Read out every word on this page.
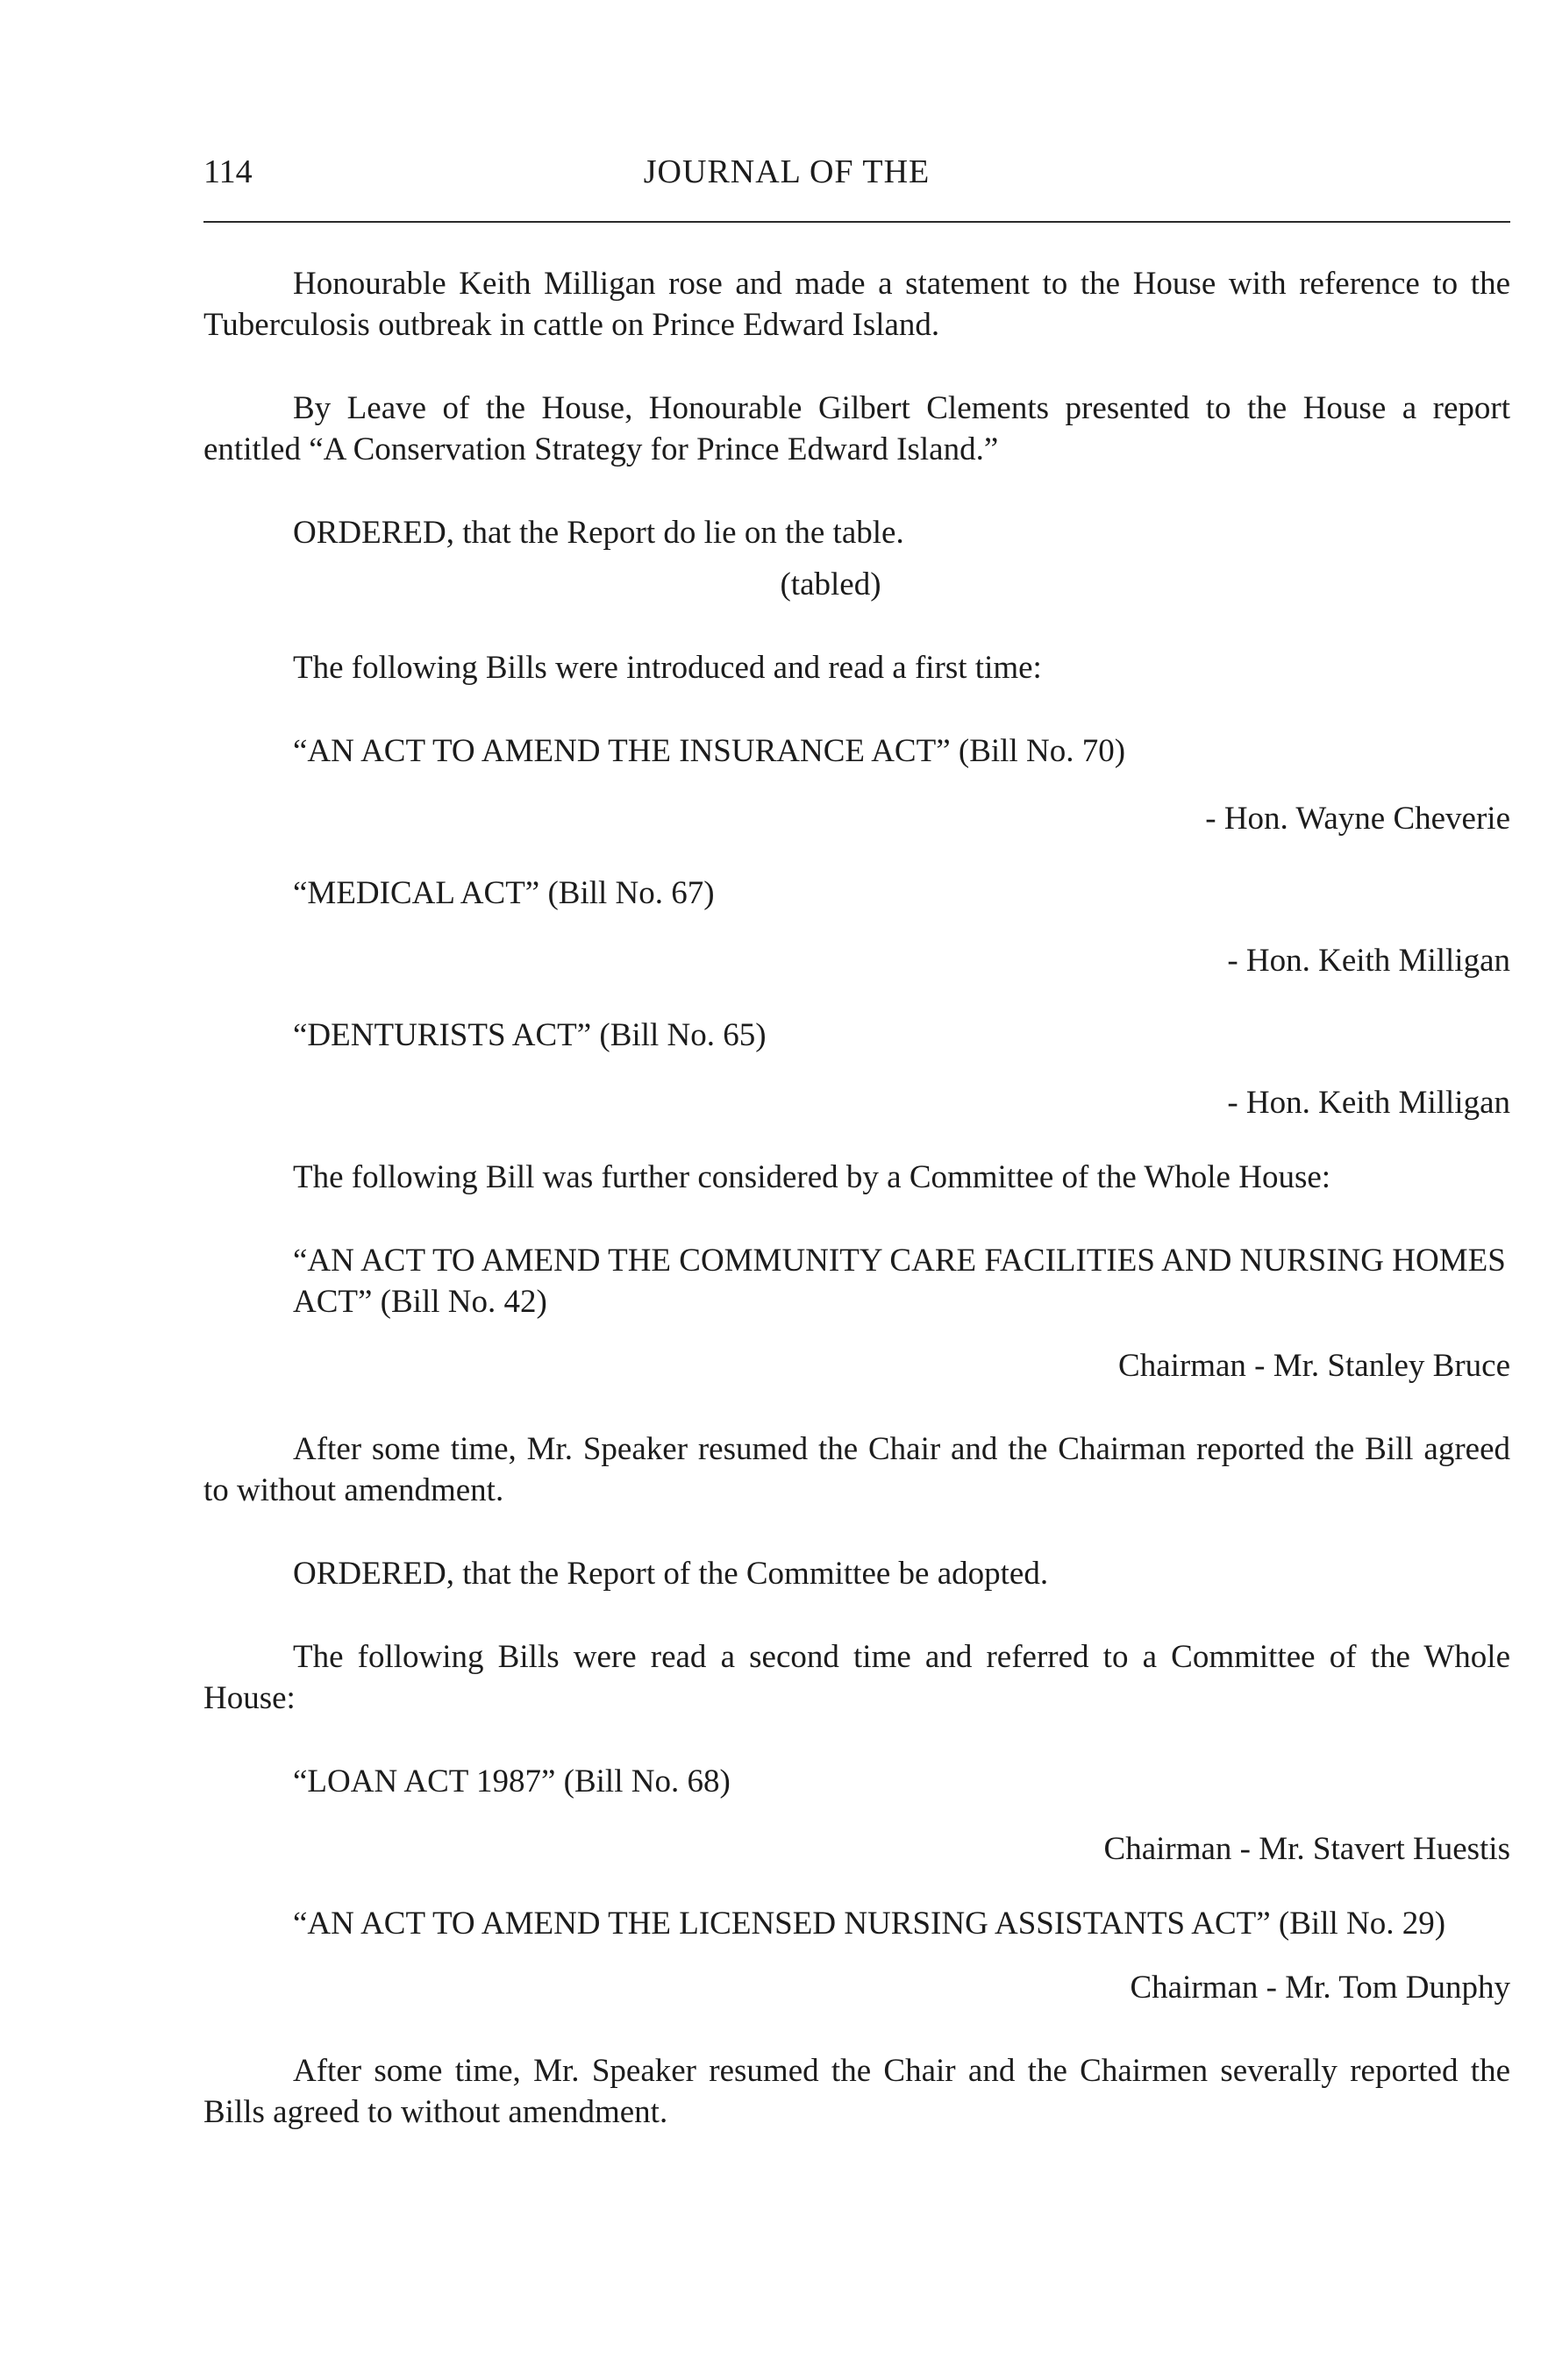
114	JOURNAL OF THE
Honourable Keith Milligan rose and made a statement to the House with reference to the Tuberculosis outbreak in cattle on Prince Edward Island.
By Leave of the House, Honourable Gilbert Clements presented to the House a report entitled “A Conservation Strategy for Prince Edward Island.”
ORDERED, that the Report do lie on the table.
(tabled)
The following Bills were introduced and read a first time:
“AN ACT TO AMEND THE INSURANCE ACT” (Bill No. 70)
- Hon. Wayne Cheverie
“MEDICAL ACT” (Bill No. 67)
- Hon. Keith Milligan
“DENTURISTS ACT” (Bill No. 65)
- Hon. Keith Milligan
The following Bill was further considered by a Committee of the Whole House:
“AN ACT TO AMEND THE COMMUNITY CARE FACILITIES AND NURSING HOMES ACT” (Bill No. 42)
Chairman - Mr. Stanley Bruce
After some time, Mr. Speaker resumed the Chair and the Chairman reported the Bill agreed to without amendment.
ORDERED, that the Report of the Committee be adopted.
The following Bills were read a second time and referred to a Committee of the Whole House:
“LOAN ACT 1987” (Bill No. 68)
Chairman - Mr. Stavert Huestis
“AN ACT TO AMEND THE LICENSED NURSING ASSISTANTS ACT” (Bill No. 29)
Chairman - Mr. Tom Dunphy
After some time, Mr. Speaker resumed the Chair and the Chairmen severally reported the Bills agreed to without amendment.
